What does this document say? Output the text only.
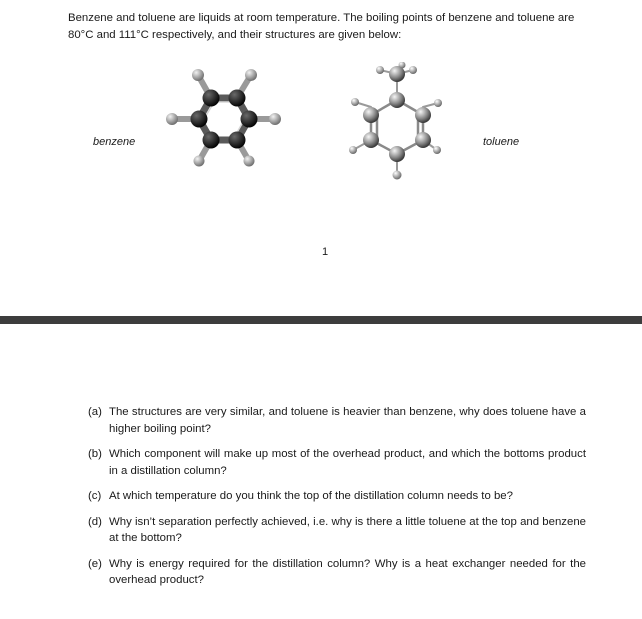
Benzene and toluene are liquids at room temperature. The boiling points of benzene and toluene are 80°C and 111°C respectively, and their structures are given below:

benzene	toluene
1
(a) The structures are very similar, and toluene is heavier than benzene, why does toluene have a higher boiling point?
(b) Which component will make up most of the overhead product, and which the bottoms product in a distillation column?
(c) At which temperature do you think the top of the distillation column needs to be?
(d) Why isn’t separation perfectly achieved, i.e. why is there a little toluene at the top and benzene at the bottom?
(e) Why is energy required for the distillation column? Why is a heat exchanger needed for the overhead product?
